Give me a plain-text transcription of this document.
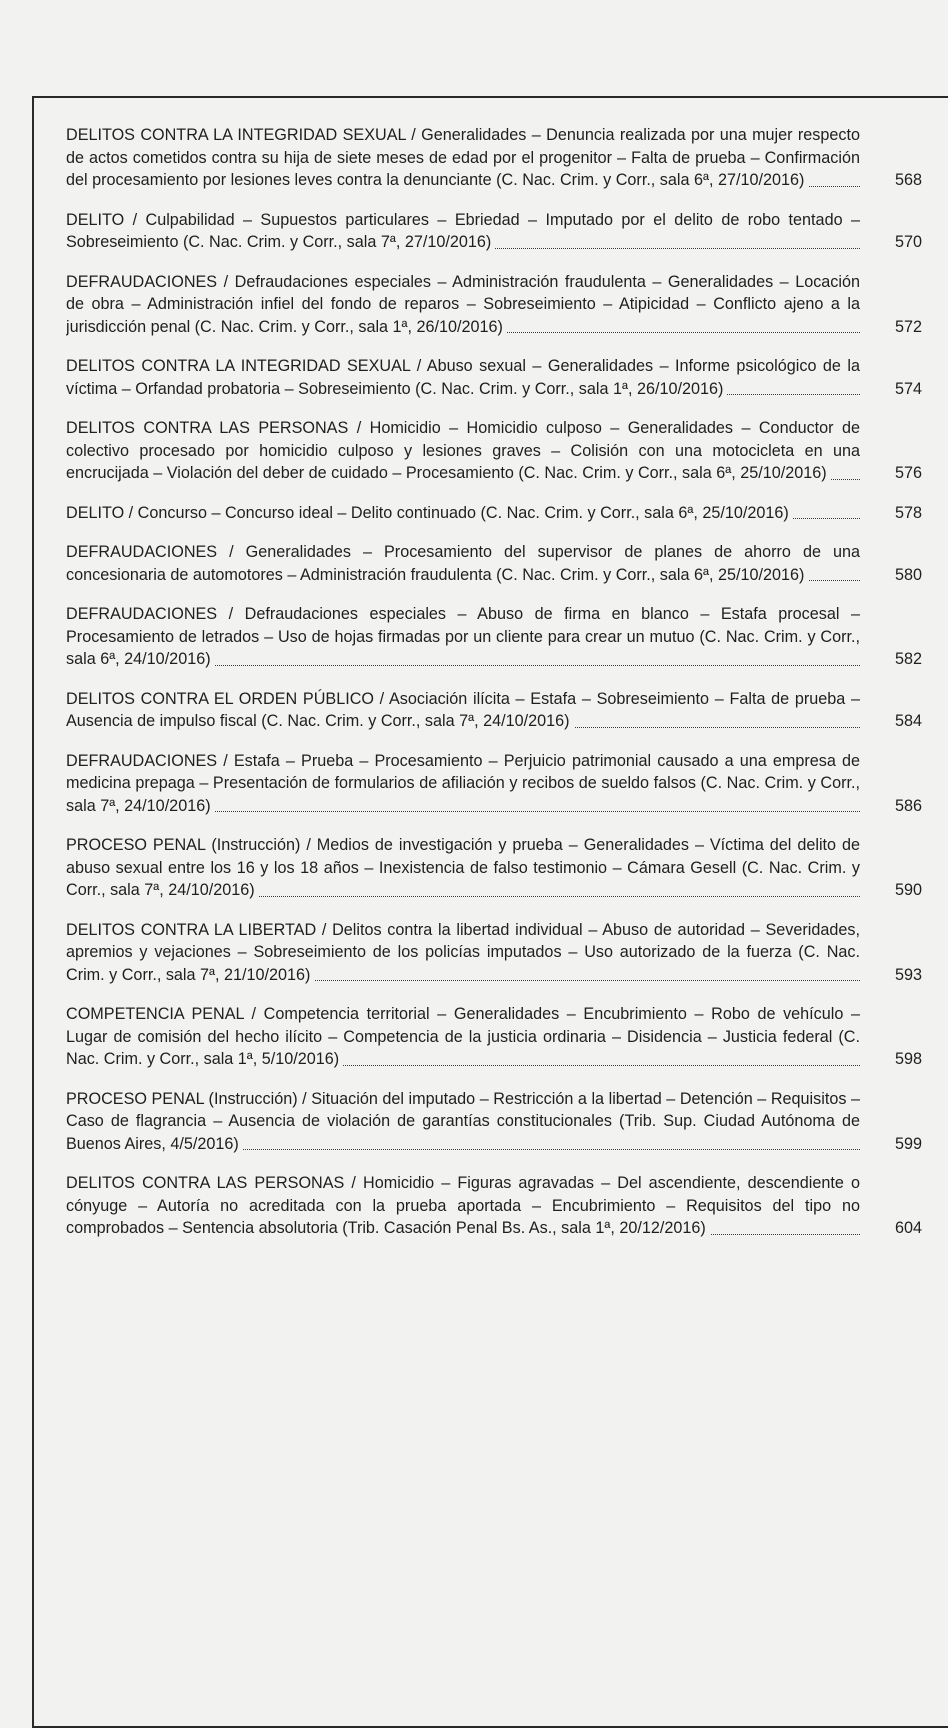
DELITOS CONTRA LA INTEGRIDAD SEXUAL / Generalidades – Denuncia realizada por una mujer respecto de actos cometidos contra su hija de siete meses de edad por el progenitor – Falta de prueba – Confirmación del procesamiento por lesiones leves contra la denunciante (C. Nac. Crim. y Corr., sala 6ª, 27/10/2016)	568
DELITO / Culpabilidad – Supuestos particulares – Ebriedad – Imputado por el delito de robo tentado – Sobreseimiento (C. Nac. Crim. y Corr., sala 7ª, 27/10/2016)	570
DEFRAUDACIONES / Defraudaciones especiales – Administración fraudulenta – Generalidades – Locación de obra – Administración infiel del fondo de reparos – Sobreseimiento – Atipicidad – Conflicto ajeno a la jurisdicción penal (C. Nac. Crim. y Corr., sala 1ª, 26/10/2016)	572
DELITOS CONTRA LA INTEGRIDAD SEXUAL / Abuso sexual – Generalidades – Informe psicológico de la víctima – Orfandad probatoria – Sobreseimiento (C. Nac. Crim. y Corr., sala 1ª, 26/10/2016)	574
DELITOS CONTRA LAS PERSONAS / Homicidio – Homicidio culposo – Generalidades – Conductor de colectivo procesado por homicidio culposo y lesiones graves – Colisión con una motocicleta en una encrucijada – Violación del deber de cuidado – Procesamiento (C. Nac. Crim. y Corr., sala 6ª, 25/10/2016)	576
DELITO / Concurso – Concurso ideal – Delito continuado (C. Nac. Crim. y Corr., sala 6ª, 25/10/2016)	578
DEFRAUDACIONES / Generalidades – Procesamiento del supervisor de planes de ahorro de una concesionaria de automotores – Administración fraudulenta (C. Nac. Crim. y Corr., sala 6ª, 25/10/2016)	580
DEFRAUDACIONES / Defraudaciones especiales – Abuso de firma en blanco – Estafa procesal – Procesamiento de letrados – Uso de hojas firmadas por un cliente para crear un mutuo (C. Nac. Crim. y Corr., sala 6ª, 24/10/2016)	582
DELITOS CONTRA EL ORDEN PÚBLICO / Asociación ilícita – Estafa – Sobreseimiento – Falta de prueba – Ausencia de impulso fiscal (C. Nac. Crim. y Corr., sala 7ª, 24/10/2016)	584
DEFRAUDACIONES / Estafa – Prueba – Procesamiento – Perjuicio patrimonial causado a una empresa de medicina prepaga – Presentación de formularios de afiliación y recibos de sueldo falsos (C. Nac. Crim. y Corr., sala 7ª, 24/10/2016)	586
PROCESO PENAL (Instrucción) / Medios de investigación y prueba – Generalidades – Víctima del delito de abuso sexual entre los 16 y los 18 años – Inexistencia de falso testimonio – Cámara Gesell (C. Nac. Crim. y Corr., sala 7ª, 24/10/2016)	590
DELITOS CONTRA LA LIBERTAD / Delitos contra la libertad individual – Abuso de autoridad – Severidades, apremios y vejaciones – Sobreseimiento de los policías imputados – Uso autorizado de la fuerza (C. Nac. Crim. y Corr., sala 7ª, 21/10/2016)	593
COMPETENCIA PENAL / Competencia territorial – Generalidades – Encubrimiento – Robo de vehículo – Lugar de comisión del hecho ilícito – Competencia de la justicia ordinaria – Disidencia – Justicia federal (C. Nac. Crim. y Corr., sala 1ª, 5/10/2016)	598
PROCESO PENAL (Instrucción) / Situación del imputado – Restricción a la libertad – Detención – Requisitos – Caso de flagrancia – Ausencia de violación de garantías constitucionales (Trib. Sup. Ciudad Autónoma de Buenos Aires, 4/5/2016)	599
DELITOS CONTRA LAS PERSONAS / Homicidio – Figuras agravadas – Del ascendiente, descendiente o cónyuge – Autoría no acreditada con la prueba aportada – Encubrimiento – Requisitos del tipo no comprobados – Sentencia absolutoria (Trib. Casación Penal Bs. As., sala 1ª, 20/12/2016)	604
